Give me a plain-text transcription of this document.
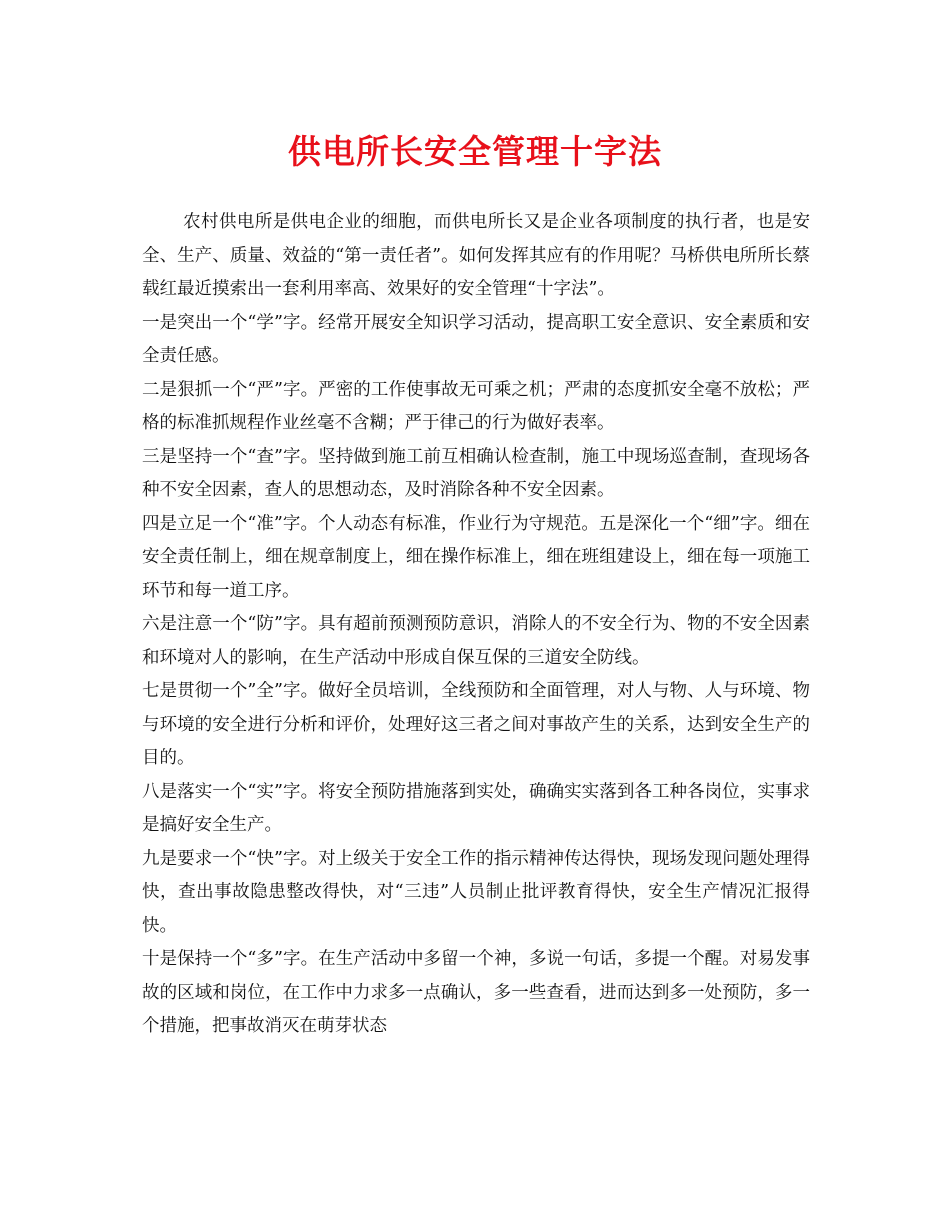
供电所长安全管理十字法

农村供电所是供电企业的细胞，而供电所长又是企业各项制度的执行者，也是安全、生产、质量、效益的“第一责任者”。如何发挥其应有的作用呢？马桥供电所所长蔡载红最近摸索出一套利用率高、效果好的安全管理“十字法”。

一是突出一个“学”字。经常开展安全知识学习活动，提高职工安全意识、安全素质和安全责任感。

二是狠抓一个“严”字。严密的工作使事故无可乘之机；严肃的态度抓安全毫不放松；严格的标准抓规程作业丝毫不含糊；严于律己的行为做好表率。

三是坚持一个“查”字。坚持做到施工前互相确认检查制，施工中现场巡查制，查现场各种不安全因素，查人的思想动态，及时消除各种不安全因素。

四是立足一个“准”字。个人动态有标准，作业行为守规范。五是深化一个“细”字。细在安全责任制上，细在规章制度上，细在操作标准上，细在班组建设上，细在每一项施工环节和每一道工序。

六是注意一个“防”字。具有超前预测预防意识，消除人的不安全行为、物的不安全因素和环境对人的影响，在生产活动中形成自保互保的三道安全防线。

七是贯彻一个”全”字。做好全员培训，全线预防和全面管理，对人与物、人与环境、物与环境的安全进行分析和评价，处理好这三者之间对事故产生的关系，达到安全生产的目的。

八是落实一个“实”字。将安全预防措施落到实处，确确实实落到各工种各岗位，实事求是搞好安全生产。

九是要求一个“快”字。对上级关于安全工作的指示精神传达得快，现场发现问题处理得快，查出事故隐患整改得快，对“三违”人员制止批评教育得快，安全生产情况汇报得快。

十是保持一个“多”字。在生产活动中多留一个神，多说一句话，多提一个醒。对易发事故的区域和岗位，在工作中力求多一点确认，多一些查看，进而达到多一处预防，多一个措施，把事故消灭在萌芽状态
